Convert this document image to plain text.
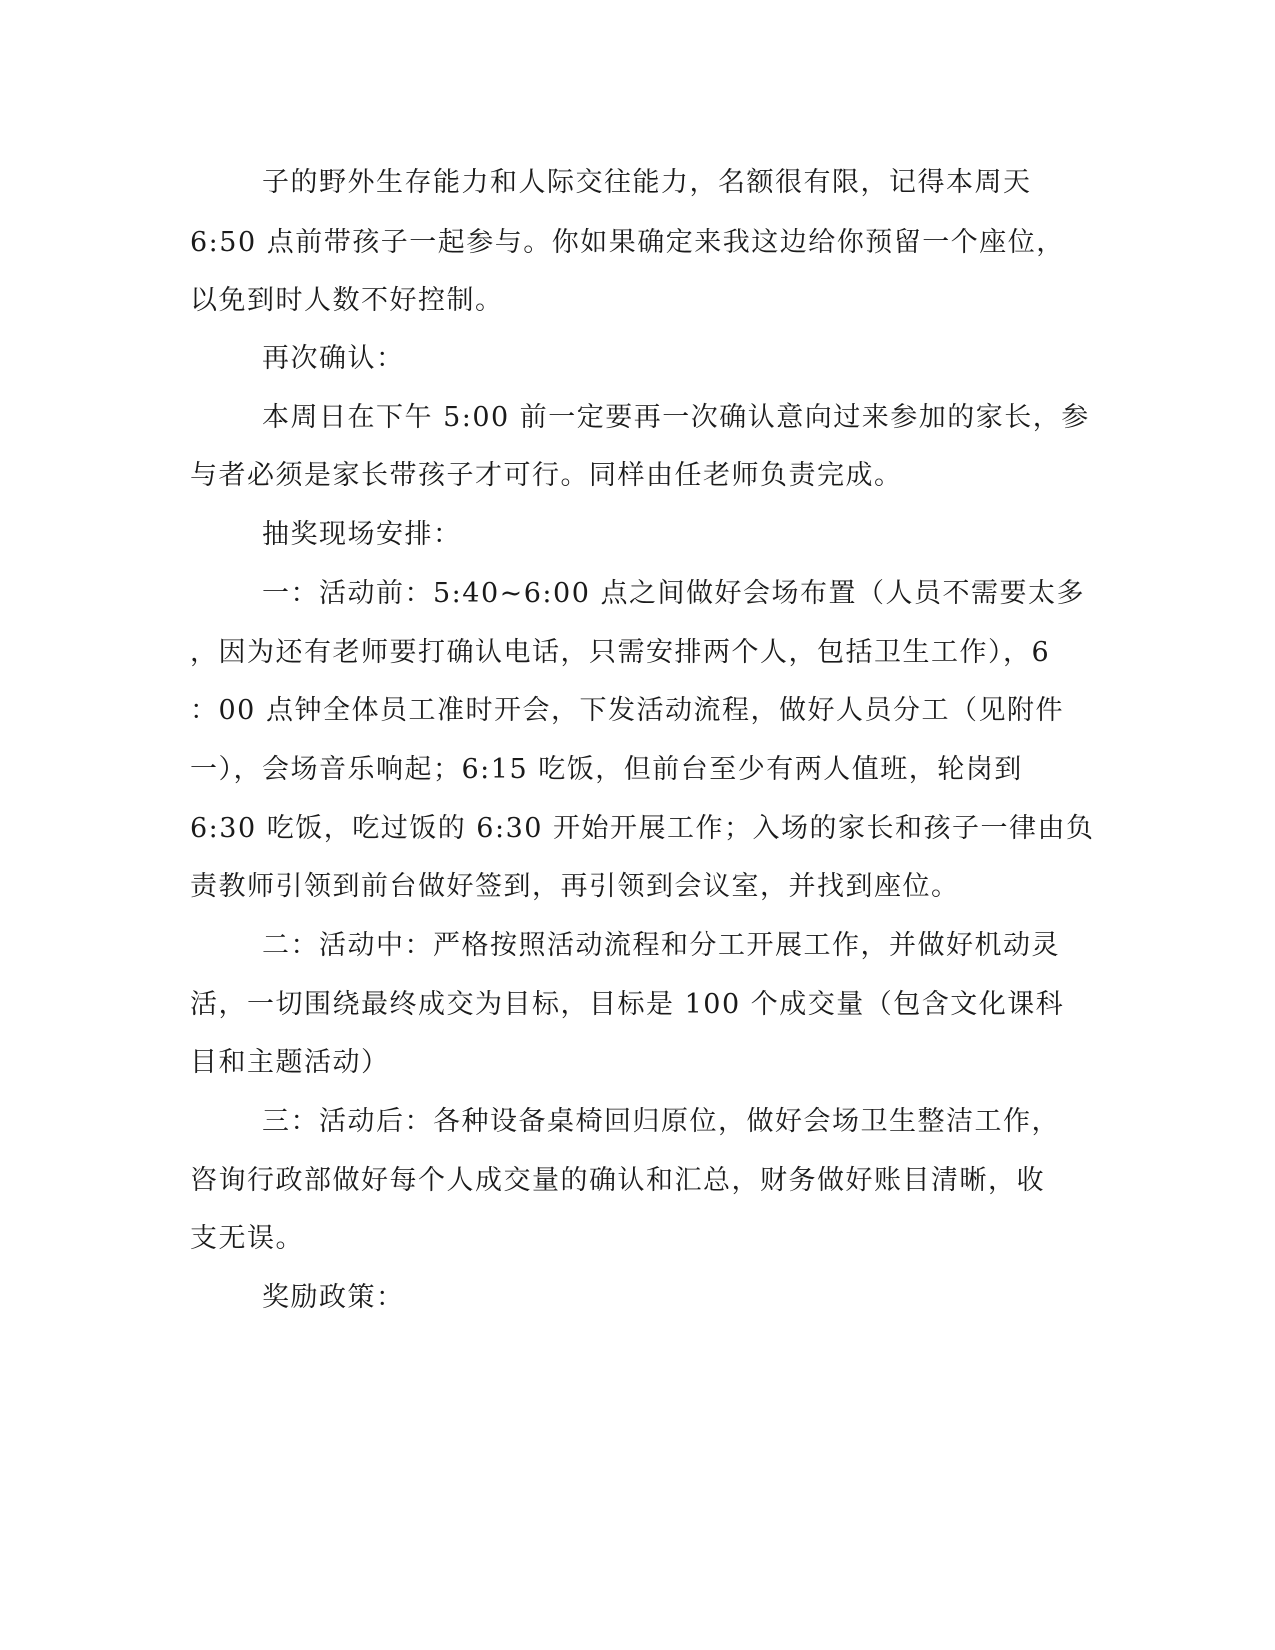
子的野外生存能力和人际交往能力，名额很有限，记得本周天
6:50 点前带孩子一起参与。你如果确定来我这边给你预留一个座位，
以免到时人数不好控制。
再次确认：
本周日在下午 5:00 前一定要再一次确认意向过来参加的家长，参
与者必须是家长带孩子才可行。同样由任老师负责完成。
抽奖现场安排：
一：活动前：5:40~6:00 点之间做好会场布置（人员不需要太多
，因为还有老师要打确认电话，只需安排两个人，包括卫生工作），6
：00 点钟全体员工准时开会，下发活动流程，做好人员分工（见附件
一），会场音乐响起；6:15 吃饭，但前台至少有两人值班，轮岗到
6:30 吃饭，吃过饭的 6:30 开始开展工作；入场的家长和孩子一律由负
责教师引领到前台做好签到，再引领到会议室，并找到座位。
二：活动中：严格按照活动流程和分工开展工作，并做好机动灵
活，一切围绕最终成交为目标，目标是 100 个成交量（包含文化课科
目和主题活动）
三：活动后：各种设备桌椅回归原位，做好会场卫生整洁工作，
咨询行政部做好每个人成交量的确认和汇总，财务做好账目清晰，收
支无误。
奖励政策：
